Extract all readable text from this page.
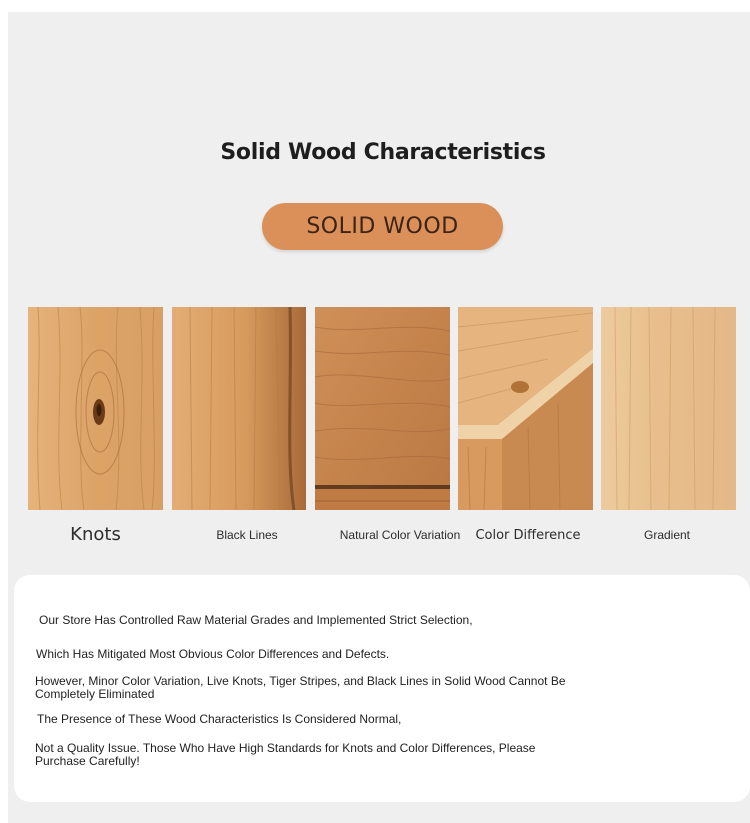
Solid Wood Characteristics
SOLID WOOD
Knots	Black Lines	Natural Color Variation	Color Difference	Gradient

Our Store Has Controlled Raw Material Grades and Implemented Strict Selection,

Which Has Mitigated Most Obvious Color Differences and Defects.

However, Minor Color Variation, Live Knots, Tiger Stripes, and Black Lines in Solid Wood Cannot Be

Completely Eliminated

The Presence of These Wood Characteristics Is Considered Normal,

Not a Quality Issue. Those Who Have High Standards for Knots and Color Differences, Please

Purchase Carefully!
